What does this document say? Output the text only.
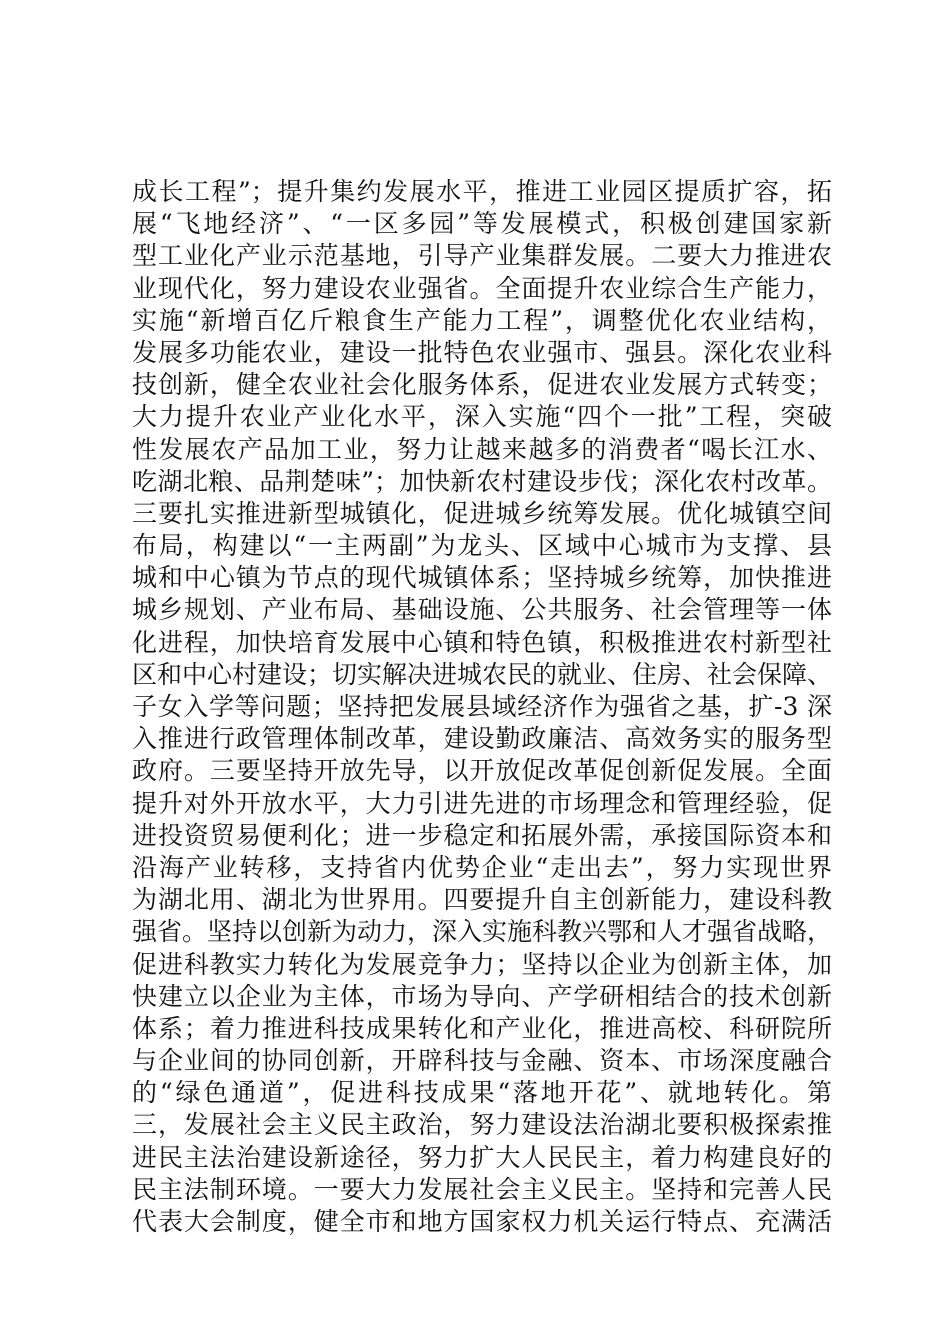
成长工程”；提升集约发展水平，推进工业园区提质扩容，拓
展“飞地经济”、“一区多园”等发展模式，积极创建国家新
型工业化产业示范基地，引导产业集群发展。二要大力推进农
业现代化，努力建设农业强省。全面提升农业综合生产能力，
实施“新增百亿斤粮食生产能力工程”，调整优化农业结构，
发展多功能农业，建设一批特色农业强市、强县。深化农业科
技创新，健全农业社会化服务体系，促进农业发展方式转变；
大力提升农业产业化水平，深入实施“四个一批”工程，突破
性发展农产品加工业，努力让越来越多的消费者“喝长江水、
吃湖北粮、品荆楚味”；加快新农村建设步伐；深化农村改革。
三要扎实推进新型城镇化，促进城乡统筹发展。优化城镇空间
布局，构建以“一主两副”为龙头、区域中心城市为支撑、县
城和中心镇为节点的现代城镇体系；坚持城乡统筹，加快推进
城乡规划、产业布局、基础设施、公共服务、社会管理等一体
化进程，加快培育发展中心镇和特色镇，积极推进农村新型社
区和中心村建设；切实解决进城农民的就业、住房、社会保障、
子女入学等问题；坚持把发展县域经济作为强省之基，扩-3 深
入推进行政管理体制改革，建设勤政廉洁、高效务实的服务型
政府。三要坚持开放先导，以开放促改革促创新促发展。全面
提升对外开放水平，大力引进先进的市场理念和管理经验，促
进投资贸易便利化；进一步稳定和拓展外需，承接国际资本和
沿海产业转移，支持省内优势企业“走出去”，努力实现世界
为湖北用、湖北为世界用。四要提升自主创新能力，建设科教
强省。坚持以创新为动力，深入实施科教兴鄂和人才强省战略，
促进科教实力转化为发展竞争力；坚持以企业为创新主体，加
快建立以企业为主体，市场为导向、产学研相结合的技术创新
体系；着力推进科技成果转化和产业化，推进高校、科研院所
与企业间的协同创新，开辟科技与金融、资本、市场深度融合
的“绿色通道”，促进科技成果“落地开花”、就地转化。第
三，发展社会主义民主政治，努力建设法治湖北要积极探索推
进民主法治建设新途径，努力扩大人民民主，着力构建良好的
民主法制环境。一要大力发展社会主义民主。坚持和完善人民
代表大会制度，健全市和地方国家权力机关运行特点、充满活
